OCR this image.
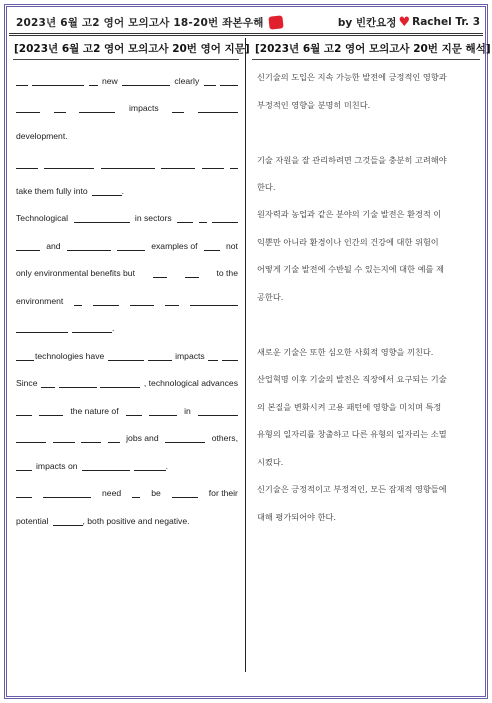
2023년 6월 고2 영어 모의고사 18-20번 좌본우해	by 빈칸요정 ♥ Rachel Tr. 3
[2023년 6월 고2 영어 모의고사 20번 영어 지문] [2023년 6월 고2 영어 모의고사 20번 지문 해석]
new	clearly
impacts
development.
take them fully into	.
Technological	in sectors
and	examples of	not
only environmental benefits but	to the
environment
.
technologies have	impacts
Since	, technological advances
the nature of	in
jobs and	others,
impacts on	.
need	be	for their
potential	, both positive and negative.
신기술의 도입은 지속 가능한 발전에 긍정적인 영향과
부정적인 영향을 분명히 미친다.
기술 자원을 잘 관리하려면 그것들을 충분히 고려해야
한다.
원자력과 농업과 같은 분야의 기술 발전은 환경적 이
익뿐만 아니라 환경이나 인간의 건강에 대한 위험이
어떻게 기술 발전에 수반될 수 있는지에 대한 예를 제
공한다.
새로운 기술은 또한 심오한 사회적 영향을 끼친다.
산업혁명 이후 기술의 발전은 직장에서 요구되는 기술
의 본질을 변화시켜 고용 패턴에 영향을 미치며 특정
유형의 일자리를 창출하고 다른 유형의 일자리는 소멸
시켰다.
신기술은 긍정적이고 부정적인, 모든 잠재적 영향들에
대해 평가되어야 한다.
